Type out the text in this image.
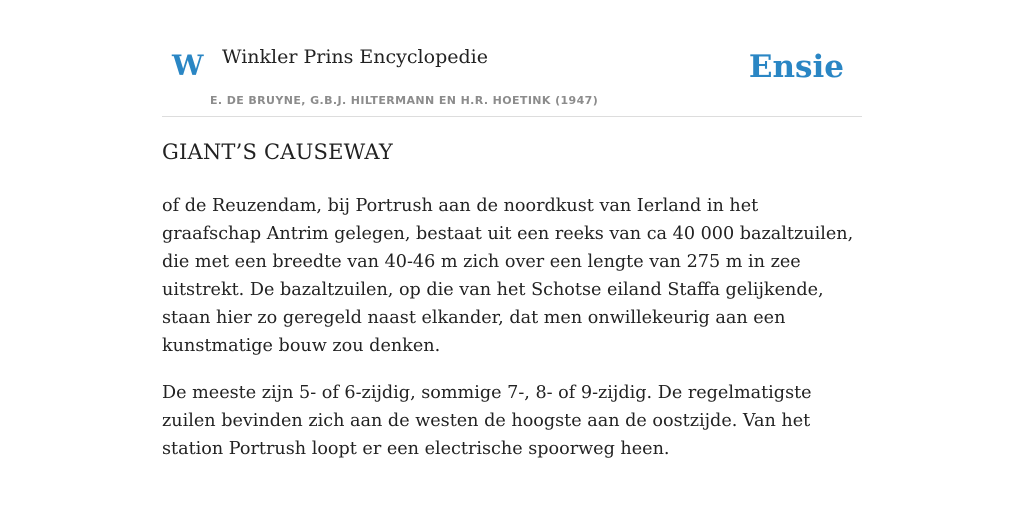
W Winkler Prins Encyclopedie
E. DE BRUYNE, G.B.J. HILTERMANN EN H.R. HOETINK (1947)
Ensie
GIANT’S CAUSEWAY

of de Reuzendam, bij Portrush aan de noordkust van Ierland in het graafschap Antrim gelegen, bestaat uit een reeks van ca 40 000 bazaltzuilen, die met een breedte van 40-46 m zich over een lengte van 275 m in zee uitstrekt. De bazaltzuilen, op die van het Schotse eiland Staffa gelijkende, staan hier zo geregeld naast elkander, dat men onwillekeurig aan een kunstmatige bouw zou denken.

De meeste zijn 5- of 6-zijdig, sommige 7-, 8- of 9-zijdig. De regelmatigste zuilen bevinden zich aan de westen de hoogste aan de oostzijde. Van het station Portrush loopt er een electrische spoorweg heen.
